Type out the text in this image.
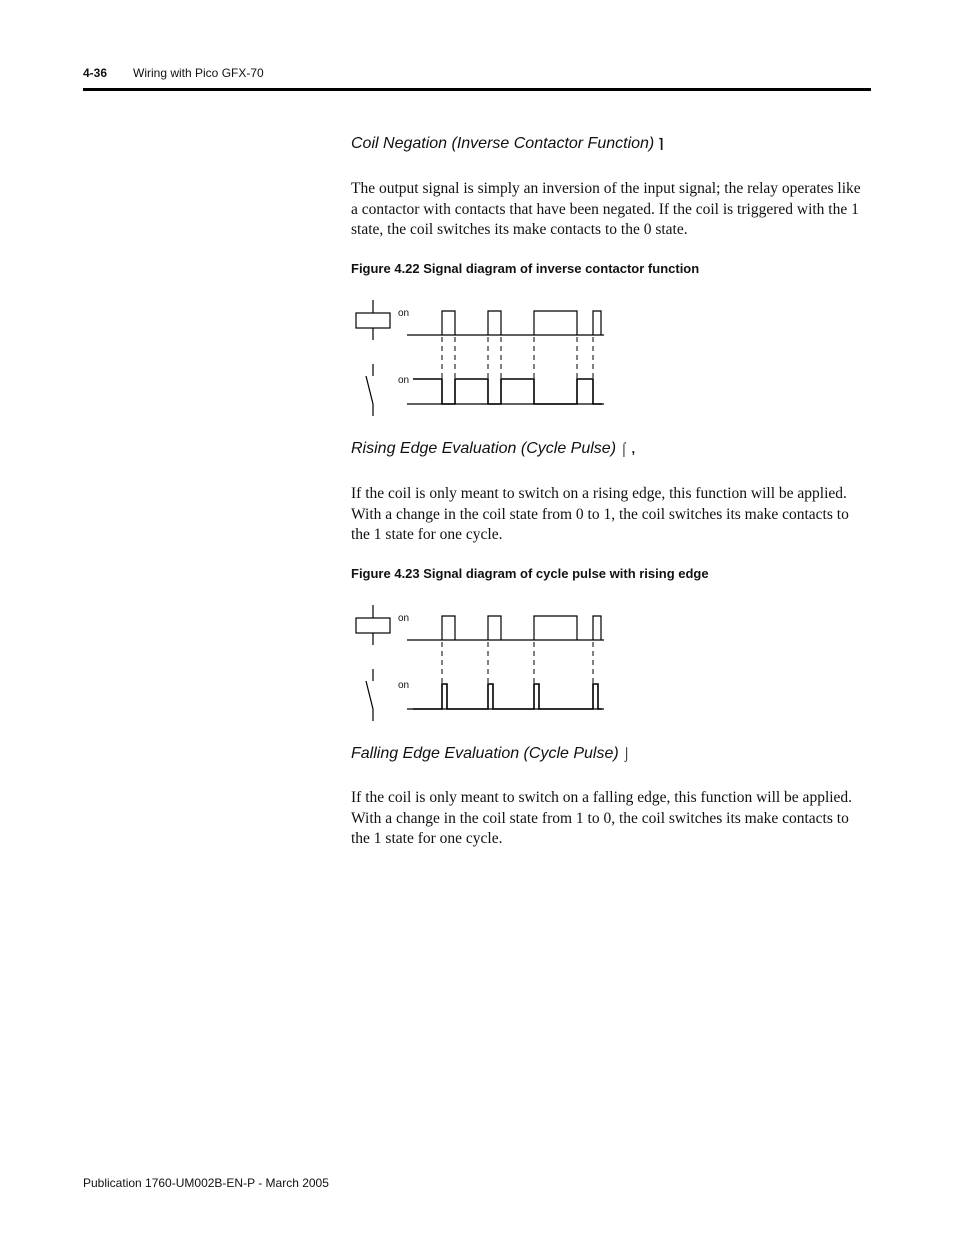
4-36 Wiring with Pico GFX-70
Coil Negation (Inverse Contactor Function) ⌉

The output signal is simply an inversion of the input signal; the relay operates like a contactor with contacts that have been negated. If the coil is triggered with the 1 state, the coil switches its make contacts to the 0 state.

Figure 4.22 Signal diagram of inverse contactor function
on
on
Rising Edge Evaluation (Cycle Pulse) ⌠ ,

If the coil is only meant to switch on a rising edge, this function will be applied. With a change in the coil state from 0 to 1, the coil switches its make contacts to the 1 state for one cycle.

Figure 4.23 Signal diagram of cycle pulse with rising edge
on
on
Falling Edge Evaluation (Cycle Pulse) ⌡

If the coil is only meant to switch on a falling edge, this function will be applied. With a change in the coil state from 1 to 0, the coil switches its make contacts to the 1 state for one cycle.

Publication 1760-UM002B-EN-P - March 2005
